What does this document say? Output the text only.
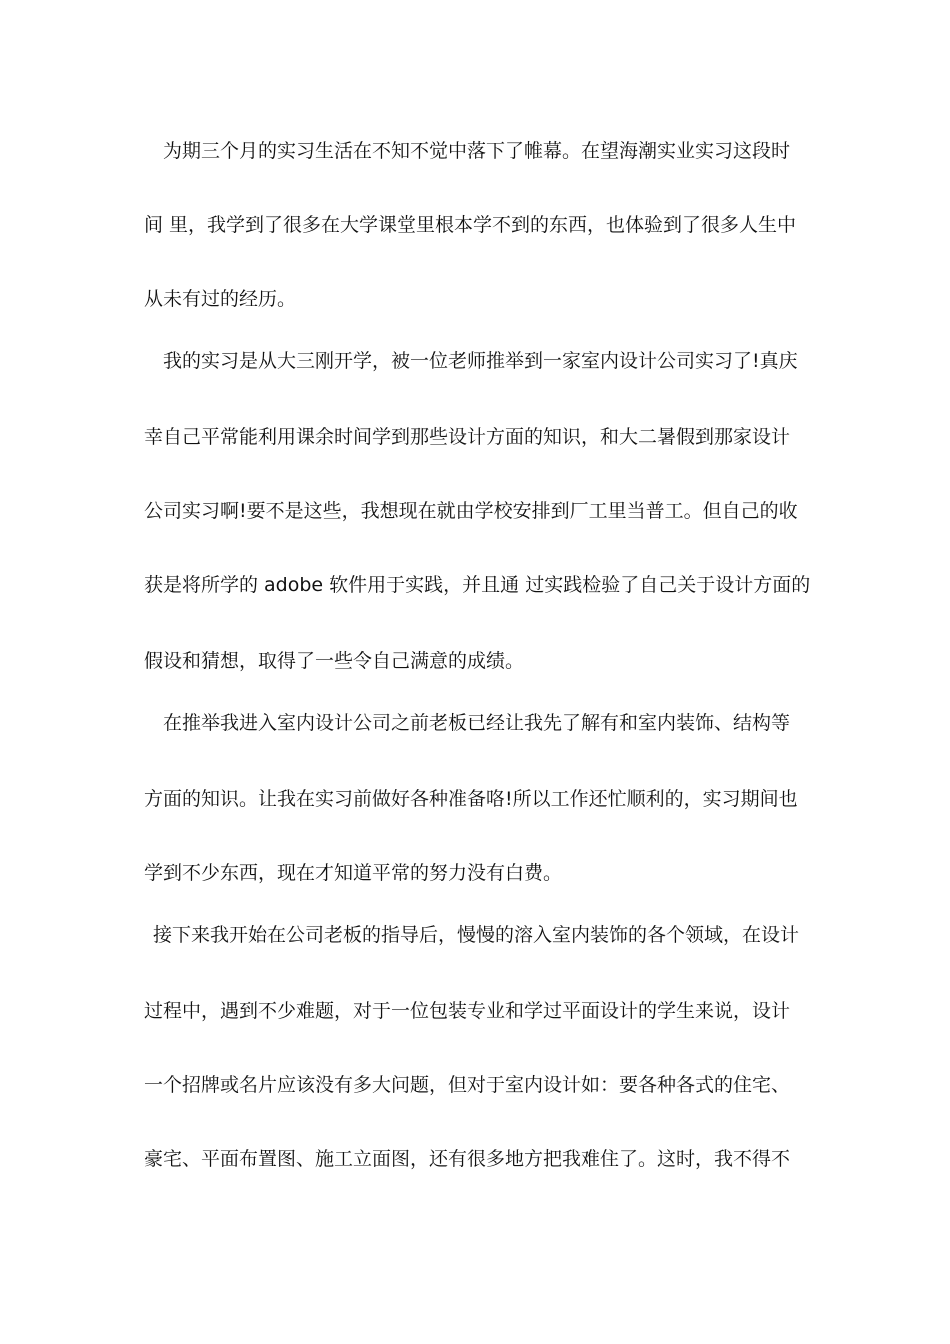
为期三个月的实习生活在不知不觉中落下了帷幕。在望海潮实业实习这段时
间 里，我学到了很多在大学课堂里根本学不到的东西，也体验到了很多人生中
从未有过的经历。
我的实习是从大三刚开学，被一位老师推举到一家室内设计公司实习了!真庆
幸自己平常能利用课余时间学到那些设计方面的知识，和大二暑假到那家设计
公司实习啊!要不是这些，我想现在就由学校安排到厂工里当普工。但自己的收
获是将所学的 adobe 软件用于实践，并且通 过实践检验了自己关于设计方面的
假设和猜想，取得了一些令自己满意的成绩。
在推举我进入室内设计公司之前老板已经让我先了解有和室内装饰、结构等
方面的知识。让我在实习前做好各种准备咯!所以工作还忙顺利的，实习期间也
学到不少东西，现在才知道平常的努力没有白费。
接下来我开始在公司老板的指导后，慢慢的溶入室内装饰的各个领域，在设计
过程中，遇到不少难题，对于一位包装专业和学过平面设计的学生来说，设计
一个招牌或名片应该没有多大问题，但对于室内设计如：要各种各式的住宅、
豪宅、平面布置图、施工立面图，还有很多地方把我难住了。这时，我不得不
